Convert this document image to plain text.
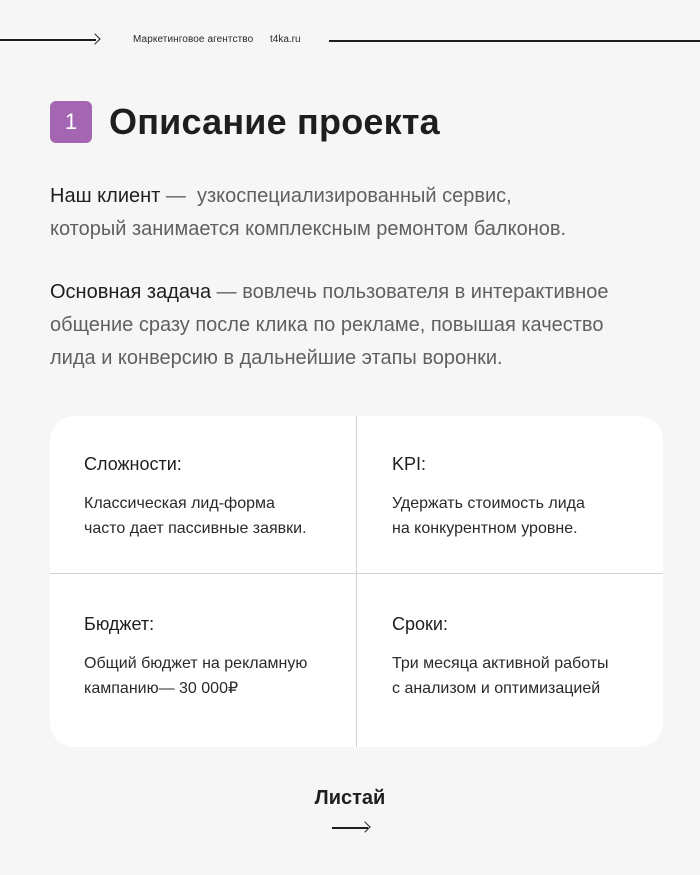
Маркетинговое агентство t4ka.ru
1 Описание проекта
Наш клиент —  узкоспециализированный сервис,
который занимается комплексным ремонтом балконов.
Основная задача — вовлечь пользователя в интерактивное
общение сразу после клика по рекламе, повышая качество
лида и конверсию в дальнейшие этапы воронки.
Сложности:
Классическая лид-форма
часто дает пассивные заявки.
KPI:
Удержать стоимость лида
на конкурентном уровне.
Бюджет:
Общий бюджет на рекламную
кампанию— 30 000₽
Сроки:
Три месяца активной работы
с анализом и оптимизацией
Листай
